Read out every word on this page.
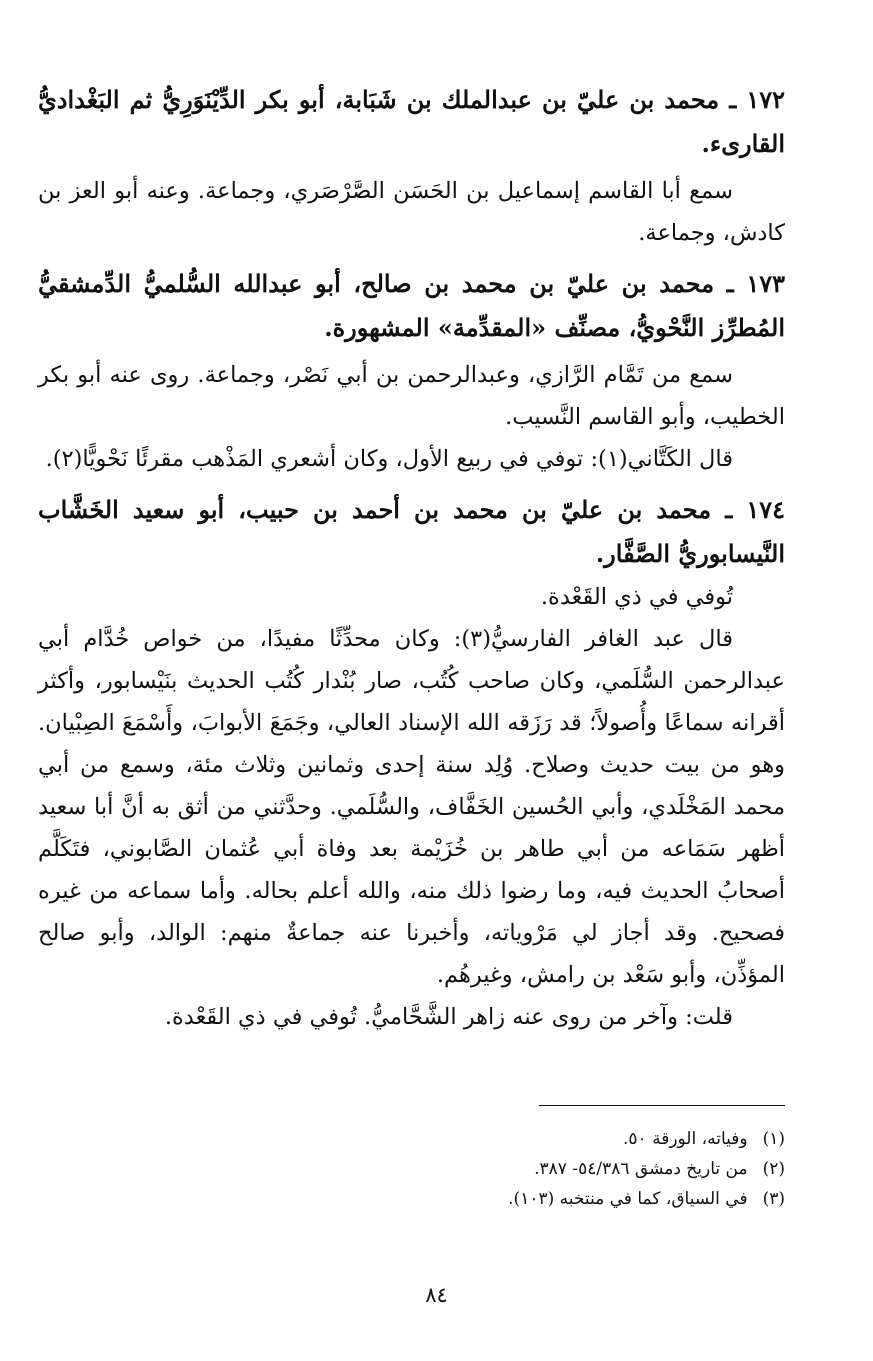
١٧٢ ـ محمد بن عليّ بن عبدالملك بن شَبَابة، أبو بكر الدِّيْنَوَرِيُّ ثم البَغْداديُّ القارىء.

سمع أبا القاسم إسماعيل بن الحَسَن الصَّرْصَري، وجماعة. وعنه أبو العز بن كادش، وجماعة.

١٧٣ ـ محمد بن عليّ بن محمد بن صالح، أبو عبدالله السُّلميُّ الدِّمشقيُّ المُطرِّز النَّحْويُّ، مصنِّف «المقدِّمة» المشهورة.

سمع من تَمَّام الرَّازي، وعبدالرحمن بن أبي نَصْر، وجماعة. روى عنه أبو بكر الخطيب، وأبو القاسم النَّسيب.

قال الكَتَّاني(١): توفي في ربيع الأول، وكان أشعري المَذْهب مقرئًا نَحْويًّا(٢).

١٧٤ ـ محمد بن عليّ بن محمد بن أحمد بن حبيب، أبو سعيد الخَشَّاب النَّيسابوريُّ الصَّفَّار.

تُوفي في ذي القَعْدة.

قال عبد الغافر الفارسيُّ(٣): وكان محدِّثًا مفيدًا، من خواص خُدَّام أبي عبدالرحمن السُّلَمي، وكان صاحب كُتُب، صار بُنْدار كُتُب الحديث بنَيْسابور، وأكثر أقرانه سماعًا وأُصولاً؛ قد رَزَقه الله الإسناد العالي، وجَمَعَ الأبوابَ، وأَسْمَعَ الصِبْيان. وهو من بيت حديث وصلاح. وُلِد سنة إحدى وثمانين وثلاث مئة، وسمع من أبي محمد المَخْلَدي، وأبي الحُسين الخَفَّاف، والسُّلَمي. وحدَّثني من أثق به أنَّ أبا سعيد أظهر سَمَاعه من أبي طاهر بن خُزَيْمة بعد وفاة أبي عُثمان الصَّابوني، فتَكَلَّم أصحابُ الحديث فيه، وما رضوا ذلك منه، والله أعلم بحاله. وأما سماعه من غيره فصحيح. وقد أجاز لي مَرْوياته، وأخبرنا عنه جماعةٌ منهم: الوالد، وأبو صالح المؤذِّن، وأبو سَعْد بن رامش، وغيرهُم.

قلت: وآخر من روى عنه زاهر الشَّحَّاميُّ. تُوفي في ذي القَعْدة.

(١) وفياته، الورقة ٥٠.

(٢) من تاريخ دمشق ٥٤/٣٨٦- ٣٨٧.

(٣) في السياق، كما في منتخبه (١٠٣).

٨٤
